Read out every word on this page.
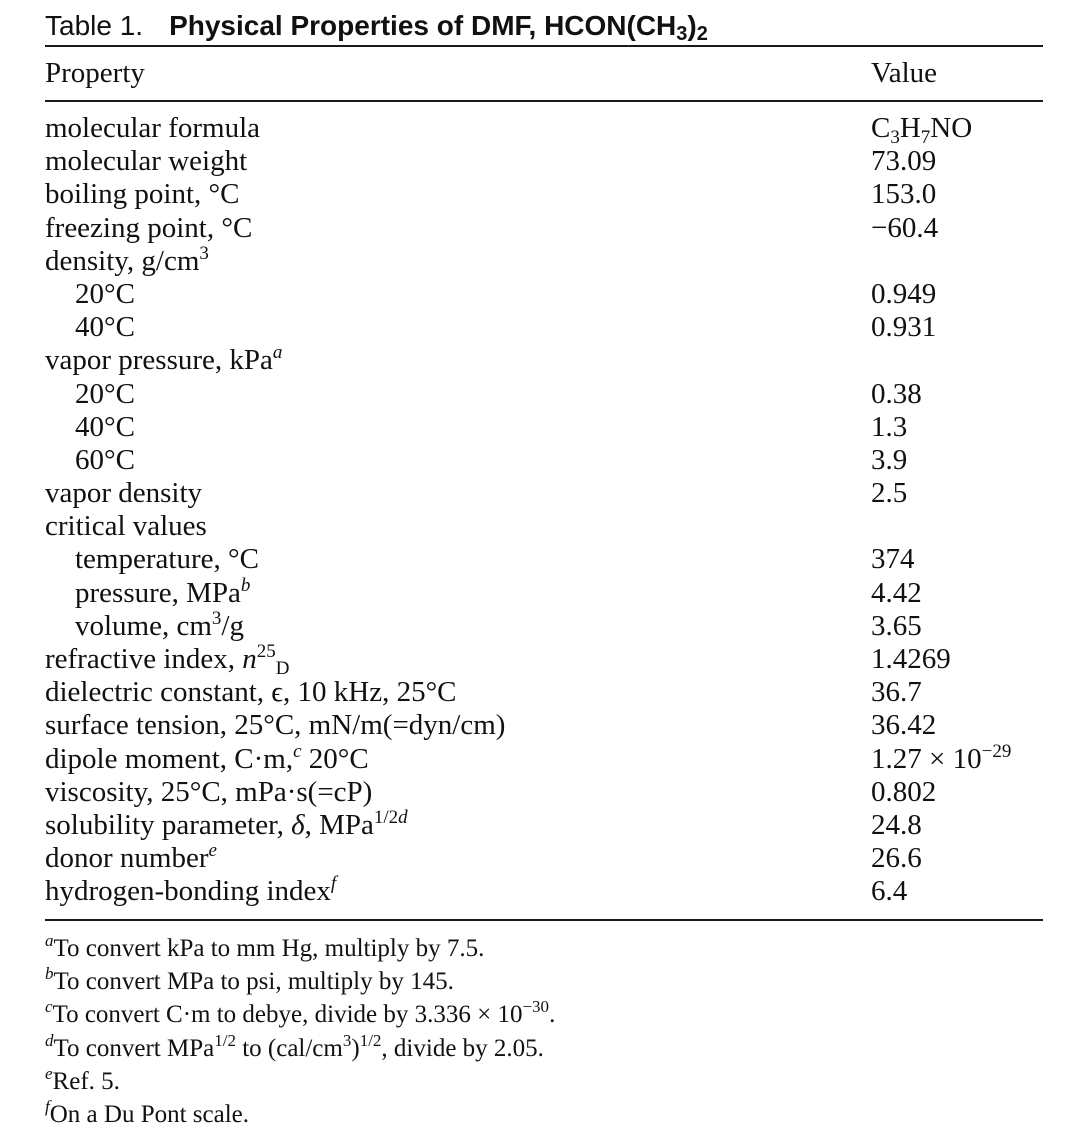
Table 1. Physical Properties of DMF, $HCON(CH_3)_2$
Property	Value
molecular formula	$C_3H_7NO$
molecular weight	73.09
boiling point, °C	153.0
freezing point, °C	−60.4
density, $g/cm^3$
20°C	0.949
40°C	0.931
vapor pressure, kPa$^a$
20°C	0.38
40°C	1.3
60°C	3.9
vapor density	2.5
critical values
temperature, °C	374
pressure, MPa$^b$	4.42
volume, $cm^3/g$	3.65
refractive index, $n^{25}_D$	1.4269
dielectric constant, ϵ, 10 kHz, 25°C	36.7
surface tension, 25°C, mN/m(=dyn/cm)	36.42
dipole moment, C·m,$^c$ 20°C	$1.27 \times 10^{-29}$
viscosity, 25°C, mPa·s(=cP)	0.802
solubility parameter, δ, MPa$^{1/2d}$	24.8
donor number$^e$	26.6
hydrogen-bonding index$^f$	6.4
$^a$To convert kPa to mm Hg, multiply by 7.5.
$^b$To convert MPa to psi, multiply by 145.
$^c$To convert C·m to debye, divide by $3.336 \times 10^{-30}$.
$^d$To convert MPa$^{1/2}$ to $(cal/cm^3)^{1/2}$, divide by 2.05.
$^e$Ref. 5.
$^f$On a Du Pont scale.
